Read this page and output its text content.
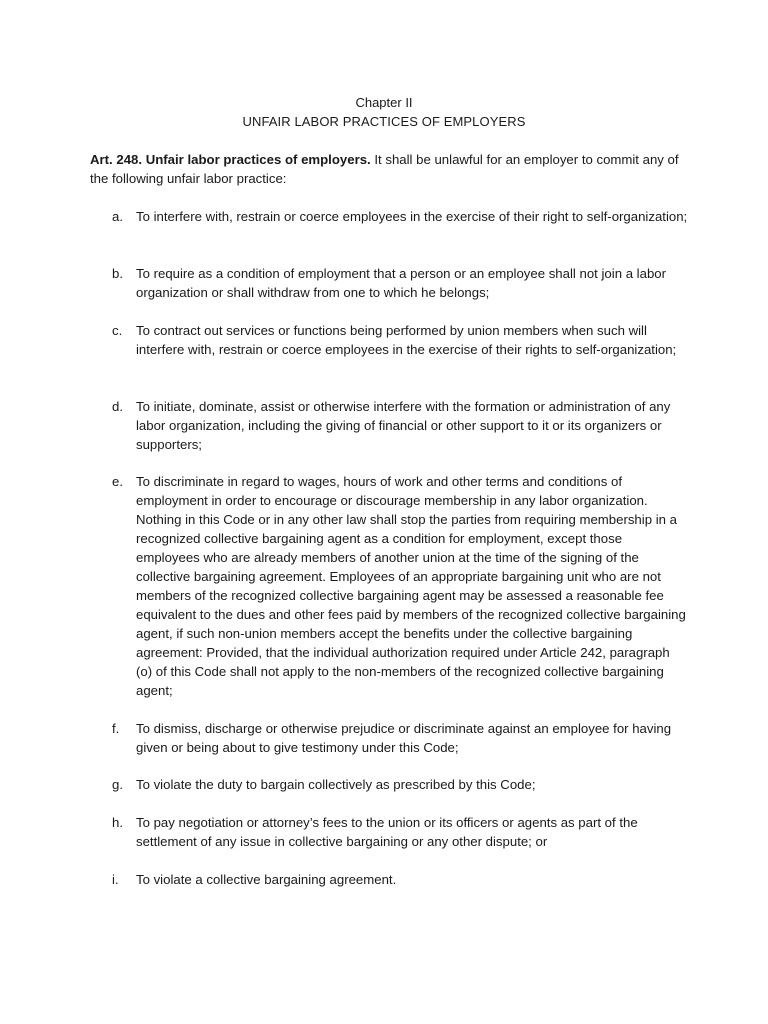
Chapter II
UNFAIR LABOR PRACTICES OF EMPLOYERS
Art. 248. Unfair labor practices of employers. It shall be unlawful for an employer to commit any of the following unfair labor practice:
a. To interfere with, restrain or coerce employees in the exercise of their right to self-organization;
b. To require as a condition of employment that a person or an employee shall not join a labor organization or shall withdraw from one to which he belongs;
c. To contract out services or functions being performed by union members when such will interfere with, restrain or coerce employees in the exercise of their rights to self-organization;
d. To initiate, dominate, assist or otherwise interfere with the formation or administration of any labor organization, including the giving of financial or other support to it or its organizers or supporters;
e. To discriminate in regard to wages, hours of work and other terms and conditions of employment in order to encourage or discourage membership in any labor organization. Nothing in this Code or in any other law shall stop the parties from requiring membership in a recognized collective bargaining agent as a condition for employment, except those employees who are already members of another union at the time of the signing of the collective bargaining agreement. Employees of an appropriate bargaining unit who are not members of the recognized collective bargaining agent may be assessed a reasonable fee equivalent to the dues and other fees paid by members of the recognized collective bargaining agent, if such non-union members accept the benefits under the collective bargaining agreement: Provided, that the individual authorization required under Article 242, paragraph (o) of this Code shall not apply to the non-members of the recognized collective bargaining agent;
f. To dismiss, discharge or otherwise prejudice or discriminate against an employee for having given or being about to give testimony under this Code;
g. To violate the duty to bargain collectively as prescribed by this Code;
h. To pay negotiation or attorney’s fees to the union or its officers or agents as part of the settlement of any issue in collective bargaining or any other dispute; or
i. To violate a collective bargaining agreement.
